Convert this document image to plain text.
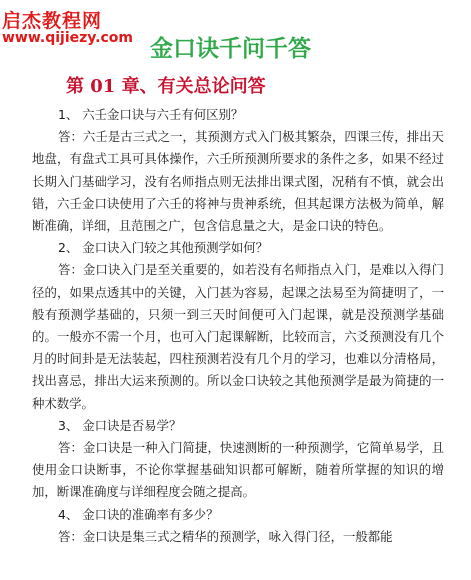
启杰教程网
www.qijiezy.com 金口诀千问千答
第 01 章、有关总论问答

1、 六壬金口诀与六壬有何区别？

答：六壬是古三式之一，其预测方式入门极其繁杂，四课三传，排出天地盘，有盘式工具可具体操作，六壬所预测所要求的条件之多，如果不经过长期入门基础学习，没有名师指点则无法排出课式图，况稍有不慎，就会出错，六壬金口诀使用了六壬的将神与贵神系统，但其起课方法极为简单，解断准确，详细，且范围之广，包含信息量之大，是金口诀的特色。

2、 金口诀入门较之其他预测学如何？

答：金口诀入门是至关重要的，如若没有名师指点入门，是难以入得门径的，如果点透其中的关键，入门甚为容易，起课之法易至为简捷明了，一般有预测学基础的，只须一到三天时间便可入门起课，就是没预测学基础的。一般亦不需一个月，也可入门起课解断，比较而言，六爻预测没有几个月的时间卦是无法装起，四柱预测若没有几个月的学习，也难以分清格局，找出喜忌，排出大运来预测的。所以金口诀较之其他预测学是最为简捷的一种术数学。

3、 金口诀是否易学？

答：金口诀是一种入门简捷，快速测断的一种预测学，它简单易学，且使用金口诀断事，不论你掌握基础知识都可解断，随着所掌握的知识的增加，断课准确度与详细程度会随之提高。

4、 金口诀的准确率有多少？

答：金口诀是集三式之精华的预测学，咏入得门径，一般都能
